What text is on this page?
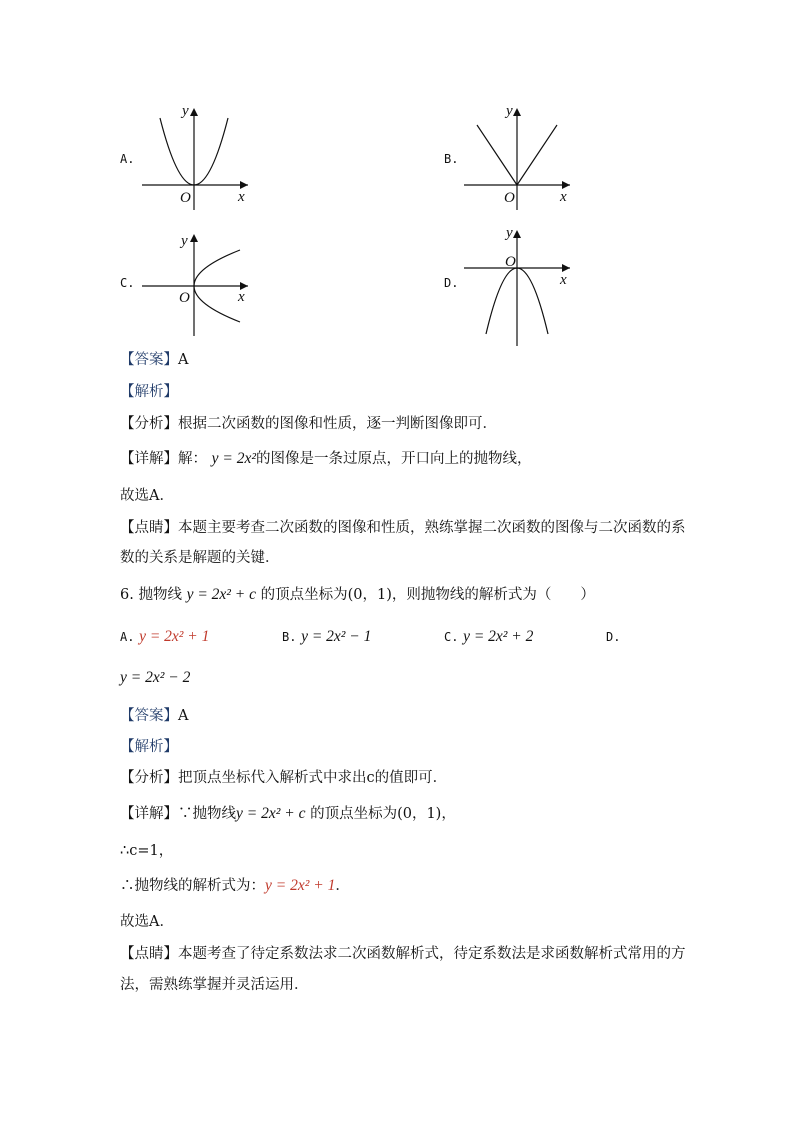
A.
y
x
O
B.
y
x
O
C.
y
x
O
D.
y
x
O
【答案】A
【解析】
【分析】根据二次函数的图像和性质，逐一判断图像即可．
【详解】解： y = 2x²的图像是一条过原点，开口向上的抛物线，
故选A．
【点睛】本题主要考查二次函数的图像和性质，熟练掌握二次函数的图像与二次函数的系
数的关系是解题的关键．
6. 抛物线 y = 2x² + c 的顶点坐标为(0，1)，则抛物线的解析式为（　　）
A. y = 2x² + 1	B. y = 2x² − 1	C. y = 2x² + 2	D.
y = 2x² − 2
【答案】A
【解析】
【分析】把顶点坐标代入解析式中求出c的值即可．
【详解】∵抛物线y = 2x² + c 的顶点坐标为(0，1)，
∴c=1，
∴抛物线的解析式为：y = 2x² + 1．
故选A．
【点睛】本题考查了待定系数法求二次函数解析式，待定系数法是求函数解析式常用的方
法，需熟练掌握并灵活运用．
